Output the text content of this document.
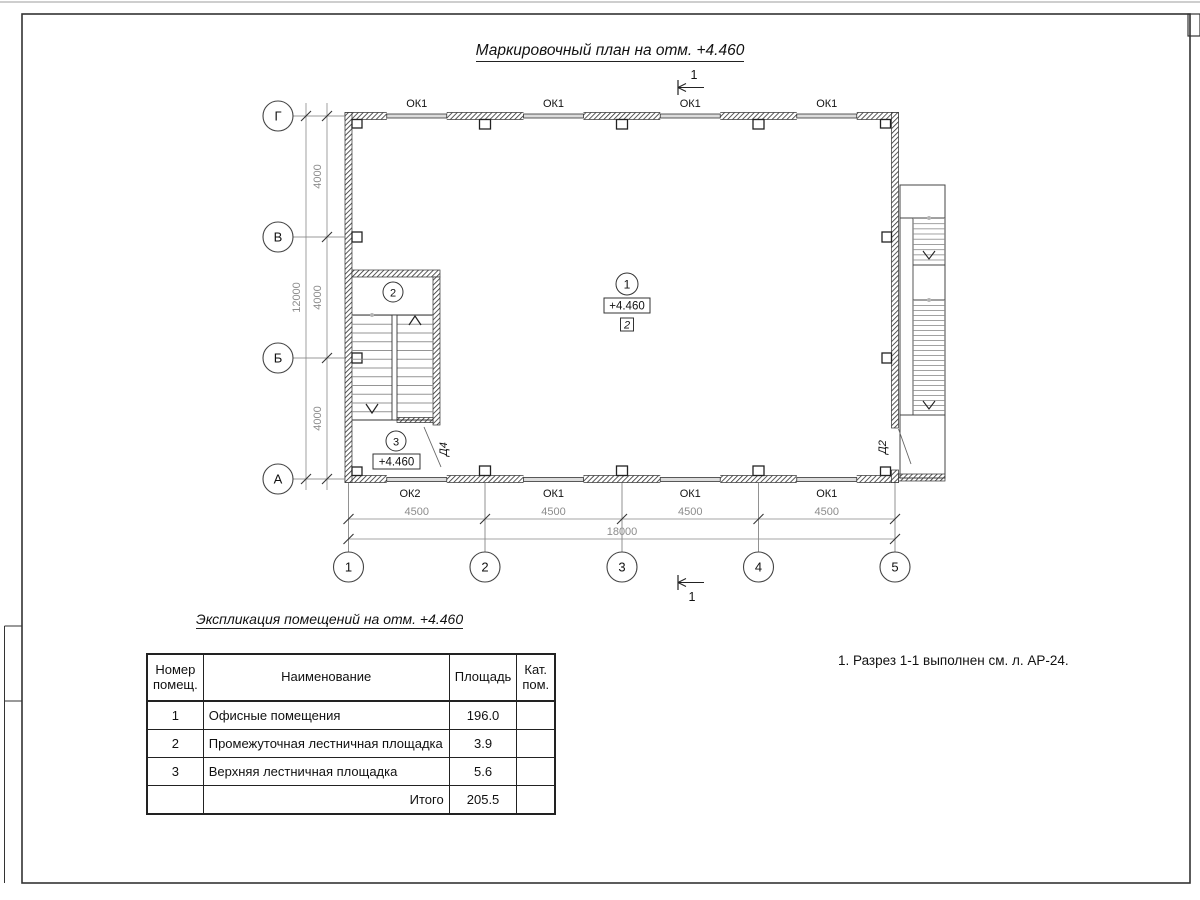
Д4	Д2
Г
В
Б
А
4000
4000
4000
12000
4500	4500	4500	4500
18000
1	2	3	4	5
ОК1	ОК1	ОК1	ОК1
ОК2	ОК1	ОК1	ОК1
1
1
1
+4.460
2
2
3
+4.460
Маркировочный план на отм. +4.460
Экспликация помещений на отм. +4.460
Номер помещ.	Наименование	Площадь	Кат. пом.
1	Офисные помещения	196.0	
2	Промежуточная лестничная площадка	3.9	
3	Верхняя лестничная площадка	5.6	
	Итого	205.5	
1. Разрез 1-1 выполнен см. л. АР-24.
